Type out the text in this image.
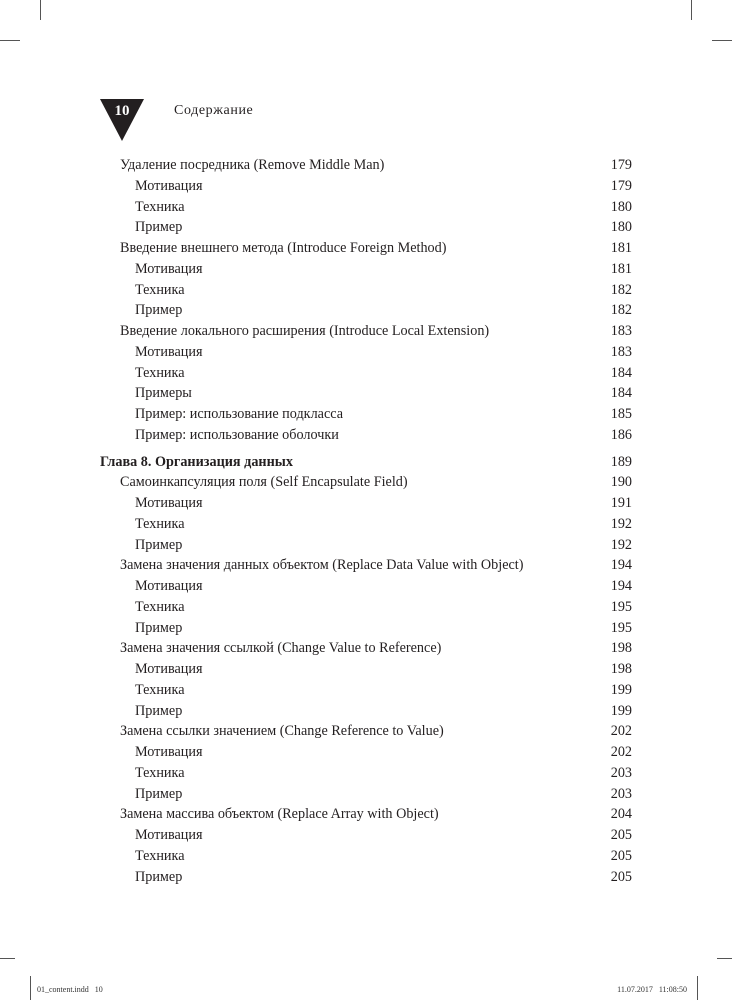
10	Содержание
Удаление посредника (Remove Middle Man)	179
Мотивация	179
Техника	180
Пример	180
Введение внешнего метода (Introduce Foreign Method)	181
Мотивация	181
Техника	182
Пример	182
Введение локального расширения (Introduce Local Extension)	183
Мотивация	183
Техника	184
Примеры	184
Пример: использование подкласса	185
Пример: использование оболочки	186
Глава 8. Организация данных	189
Самоинкапсуляция поля (Self Encapsulate Field)	190
Мотивация	191
Техника	192
Пример	192
Замена значения данных объектом (Replace Data Value with Object)	194
Мотивация	194
Техника	195
Пример	195
Замена значения ссылкой (Change Value to Reference)	198
Мотивация	198
Техника	199
Пример	199
Замена ссылки значением (Change Reference to Value)	202
Мотивация	202
Техника	203
Пример	203
Замена массива объектом (Replace Array with Object)	204
Мотивация	205
Техника	205
Пример	205
01_content.indd   10	11.07.2017   11:08:50
